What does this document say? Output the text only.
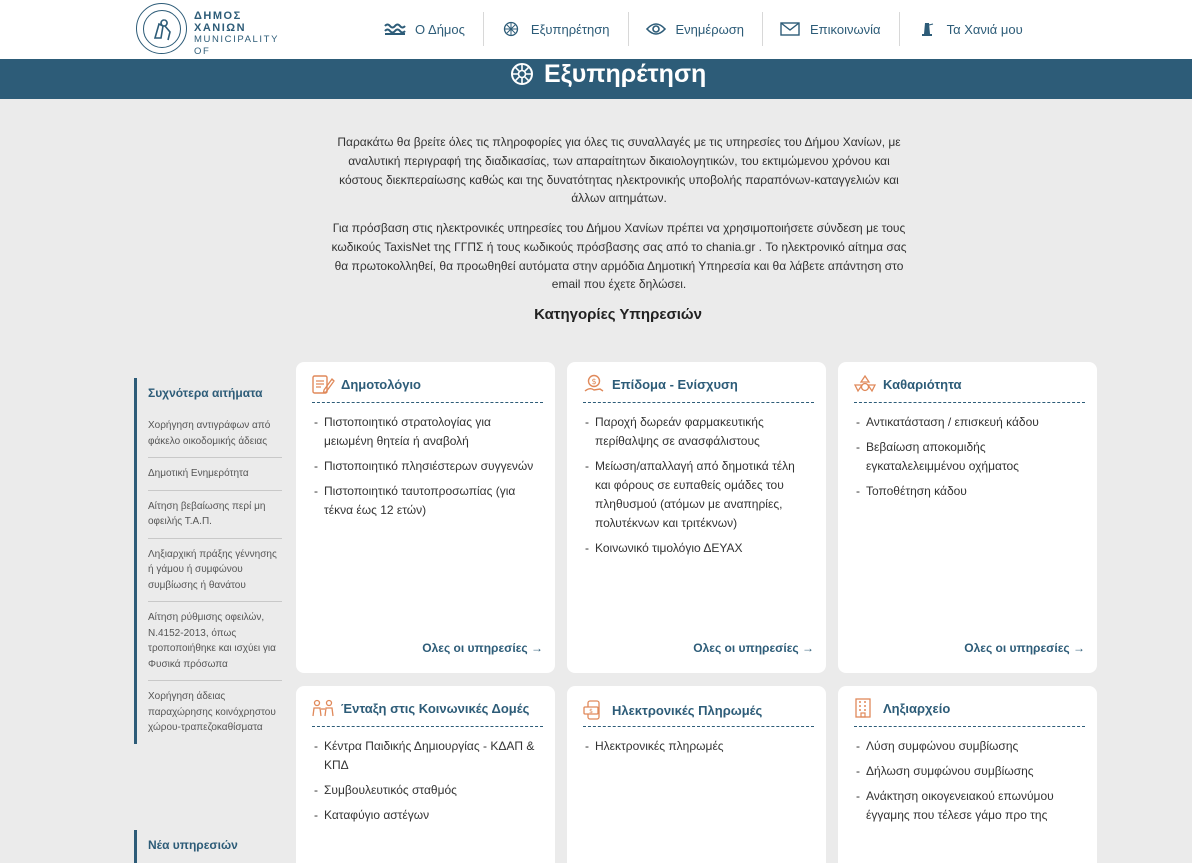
ΔΗΜΟΣ ΧΑΝΙΩΝ
MUNICIPALITY OF
Ο Δήμος	Εξυπηρέτηση	Ενημέρωση	Επικοινωνία	Τα Χανιά μου
Εξυπηρέτηση

Παρακάτω θα βρείτε όλες τις πληροφορίες για όλες τις συναλλαγές με τις υπηρεσίες του Δήμου Χανίων, με αναλυτική περιγραφή της διαδικασίας, των απαραίτητων δικαιολογητικών, του εκτιμώμενου χρόνου και κόστους διεκπεραίωσης καθώς και της δυνατότητας ηλεκτρονικής υποβολής παραπόνων-καταγγελιών και άλλων αιτημάτων.

Για πρόσβαση στις ηλεκτρονικές υπηρεσίες του Δήμου Χανίων πρέπει να χρησιμοποιήσετε σύνδεση με τους κωδικούς TaxisNet της ΓΓΠΣ ή τους κωδικούς πρόσβασης σας από το chania.gr . Το ηλεκτρονικό αίτημα σας θα πρωτοκολληθεί, θα προωθηθεί αυτόματα στην αρμόδια Δημοτική Υπηρεσία και θα λάβετε απάντηση στο email που έχετε δηλώσει.

Κατηγορίες Υπηρεσιών
Συχνότερα αιτήματα
Χορήγηση αντιγράφων από φάκελο οικοδομικής άδειας
Δημοτική Ενημερότητα
Αίτηση βεβαίωσης περί μη οφειλής Τ.Α.Π.
Ληξιαρχική πράξης γέννησης ή γάμου ή συμφώνου συμβίωσης ή θανάτου
Αίτηση ρύθμισης οφειλών, Ν.4152-2013, όπως τροποποιήθηκε και ισχύει για Φυσικά πρόσωπα
Χορήγηση άδειας παραχώρησης κοινόχρηστου χώρου-τραπεζοκαθίσματα
Νέα υπηρεσιών
Δημοτολόγιο
- Πιστοποιητικό στρατολογίας για μειωμένη θητεία ή αναβολή
- Πιστοποιητικό πλησιέστερων συγγενών
- Πιστοποιητικό ταυτοπροσωπίας (για τέκνα έως 12 ετών)
Ολες οι υπηρεσίες →
$ Επίδομα - Ενίσχυση
- Παροχή δωρεάν φαρμακευτικής περίθαλψης σε ανασφάλιστους
- Μείωση/απαλλαγή από δημοτικά τέλη και φόρους σε ευπαθείς ομάδες του πληθυσμού (ατόμων με αναπηρίες, πολυτέκνων και τριτέκνων)
- Κοινωνικό τιμολόγιο ΔΕΥΑΧ
Ολες οι υπηρεσίες →
Καθαριότητα
- Αντικατάσταση / επισκευή κάδου
- Βεβαίωση αποκομιδής εγκαταλελειμμένου οχήματος
- Τοποθέτηση κάδου
Ολες οι υπηρεσίες →
Ένταξη στις Κοινωνικές Δομές
- Κέντρα Παιδικής Δημιουργίας - ΚΔΑΠ & ΚΠΔ
- Συμβουλευτικός σταθμός
- Καταφύγιο αστέγων
$ Ηλεκτρονικές Πληρωμές
- Ηλεκτρονικές πληρωμές
Ληξιαρχείο
- Λύση συμφώνου συμβίωσης
- Δήλωση συμφώνου συμβίωσης
- Ανάκτηση οικογενειακού επωνύμου έγγαμης που τέλεσε γάμο προ της
